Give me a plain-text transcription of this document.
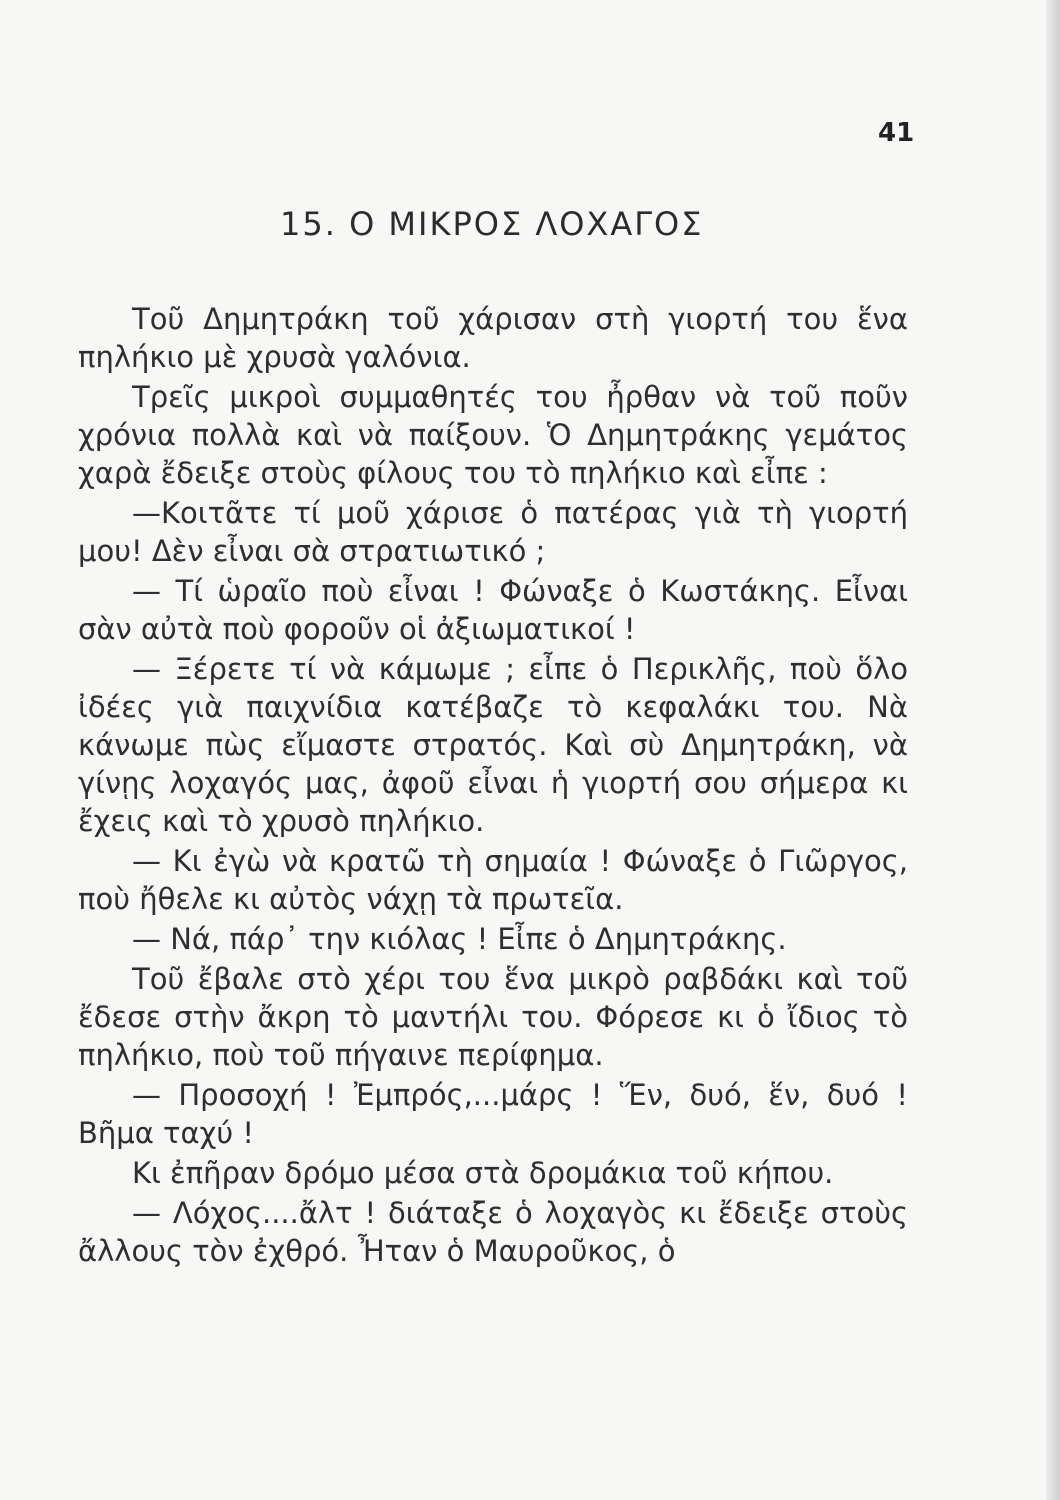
41
15. Ο ΜΙΚΡΟΣ ΛΟΧΑΓΟΣ

Τοῦ Δημητράκη τοῦ χάρισαν στὴ γιορτή του ἕνα πηλήκιο μὲ χρυσὰ γαλόνια.

Τρεῖς μικροὶ συμμαθητές του ἦρθαν νὰ τοῦ ποῦν χρόνια πολλὰ καὶ νὰ παίξουν. Ὁ Δημητράκης γεμάτος χαρὰ ἔδειξε στοὺς φίλους του τὸ πηλήκιο καὶ εἶπε :

—Κοιτᾶτε τί μοῦ χάρισε ὁ πατέρας γιὰ τὴ γιορτή μου! Δὲν εἶναι σὰ στρατιωτικό ;

— Τί ὡραῖο ποὺ εἶναι ! Φώναξε ὁ Κωστάκης. Εἶναι σὰν αὐτὰ ποὺ φοροῦν οἱ ἀξιωματικοί !

— Ξέρετε τί νὰ κάμωμε ; εἶπε ὁ Περικλῆς, ποὺ ὅλο ἰδέες γιὰ παιχνίδια κατέβαζε τὸ κεφαλάκι του. Νὰ κάνωμε πὼς εἴμαστε στρατός. Καὶ σὺ Δημητράκη, νὰ γίνῃς λοχαγός μας, ἀφοῦ εἶναι ἡ γιορτή σου σήμερα κι ἔχεις καὶ τὸ χρυσὸ πηλήκιο.

— Κι ἐγὼ νὰ κρατῶ τὴ σημαία ! Φώναξε ὁ Γιῶργος, ποὺ ἤθελε κι αὐτὸς νάχῃ τὰ πρωτεῖα.

— Νά, πάρ᾽ την κιόλας ! Εἶπε ὁ Δημητράκης.

Τοῦ ἔβαλε στὸ χέρι του ἕνα μικρὸ ραβδάκι καὶ τοῦ ἔδεσε στὴν ἄκρη τὸ μαντήλι του. Φόρεσε κι ὁ ἴδιος τὸ πηλήκιο, ποὺ τοῦ πήγαινε περίφημα.

— Προσοχή ! Ἐμπρός,...μάρς ! Ἕν, δυό, ἕν, δυό ! Βῆμα ταχύ !

Κι ἐπῆραν δρόμο μέσα στὰ δρομάκια τοῦ κήπου.

— Λόχος....ἄλτ ! διάταξε ὁ λοχαγὸς κι ἔδειξε στοὺς ἄλλους τὸν ἐχθρό. Ἦταν ὁ Μαυροῦκος, ὁ
